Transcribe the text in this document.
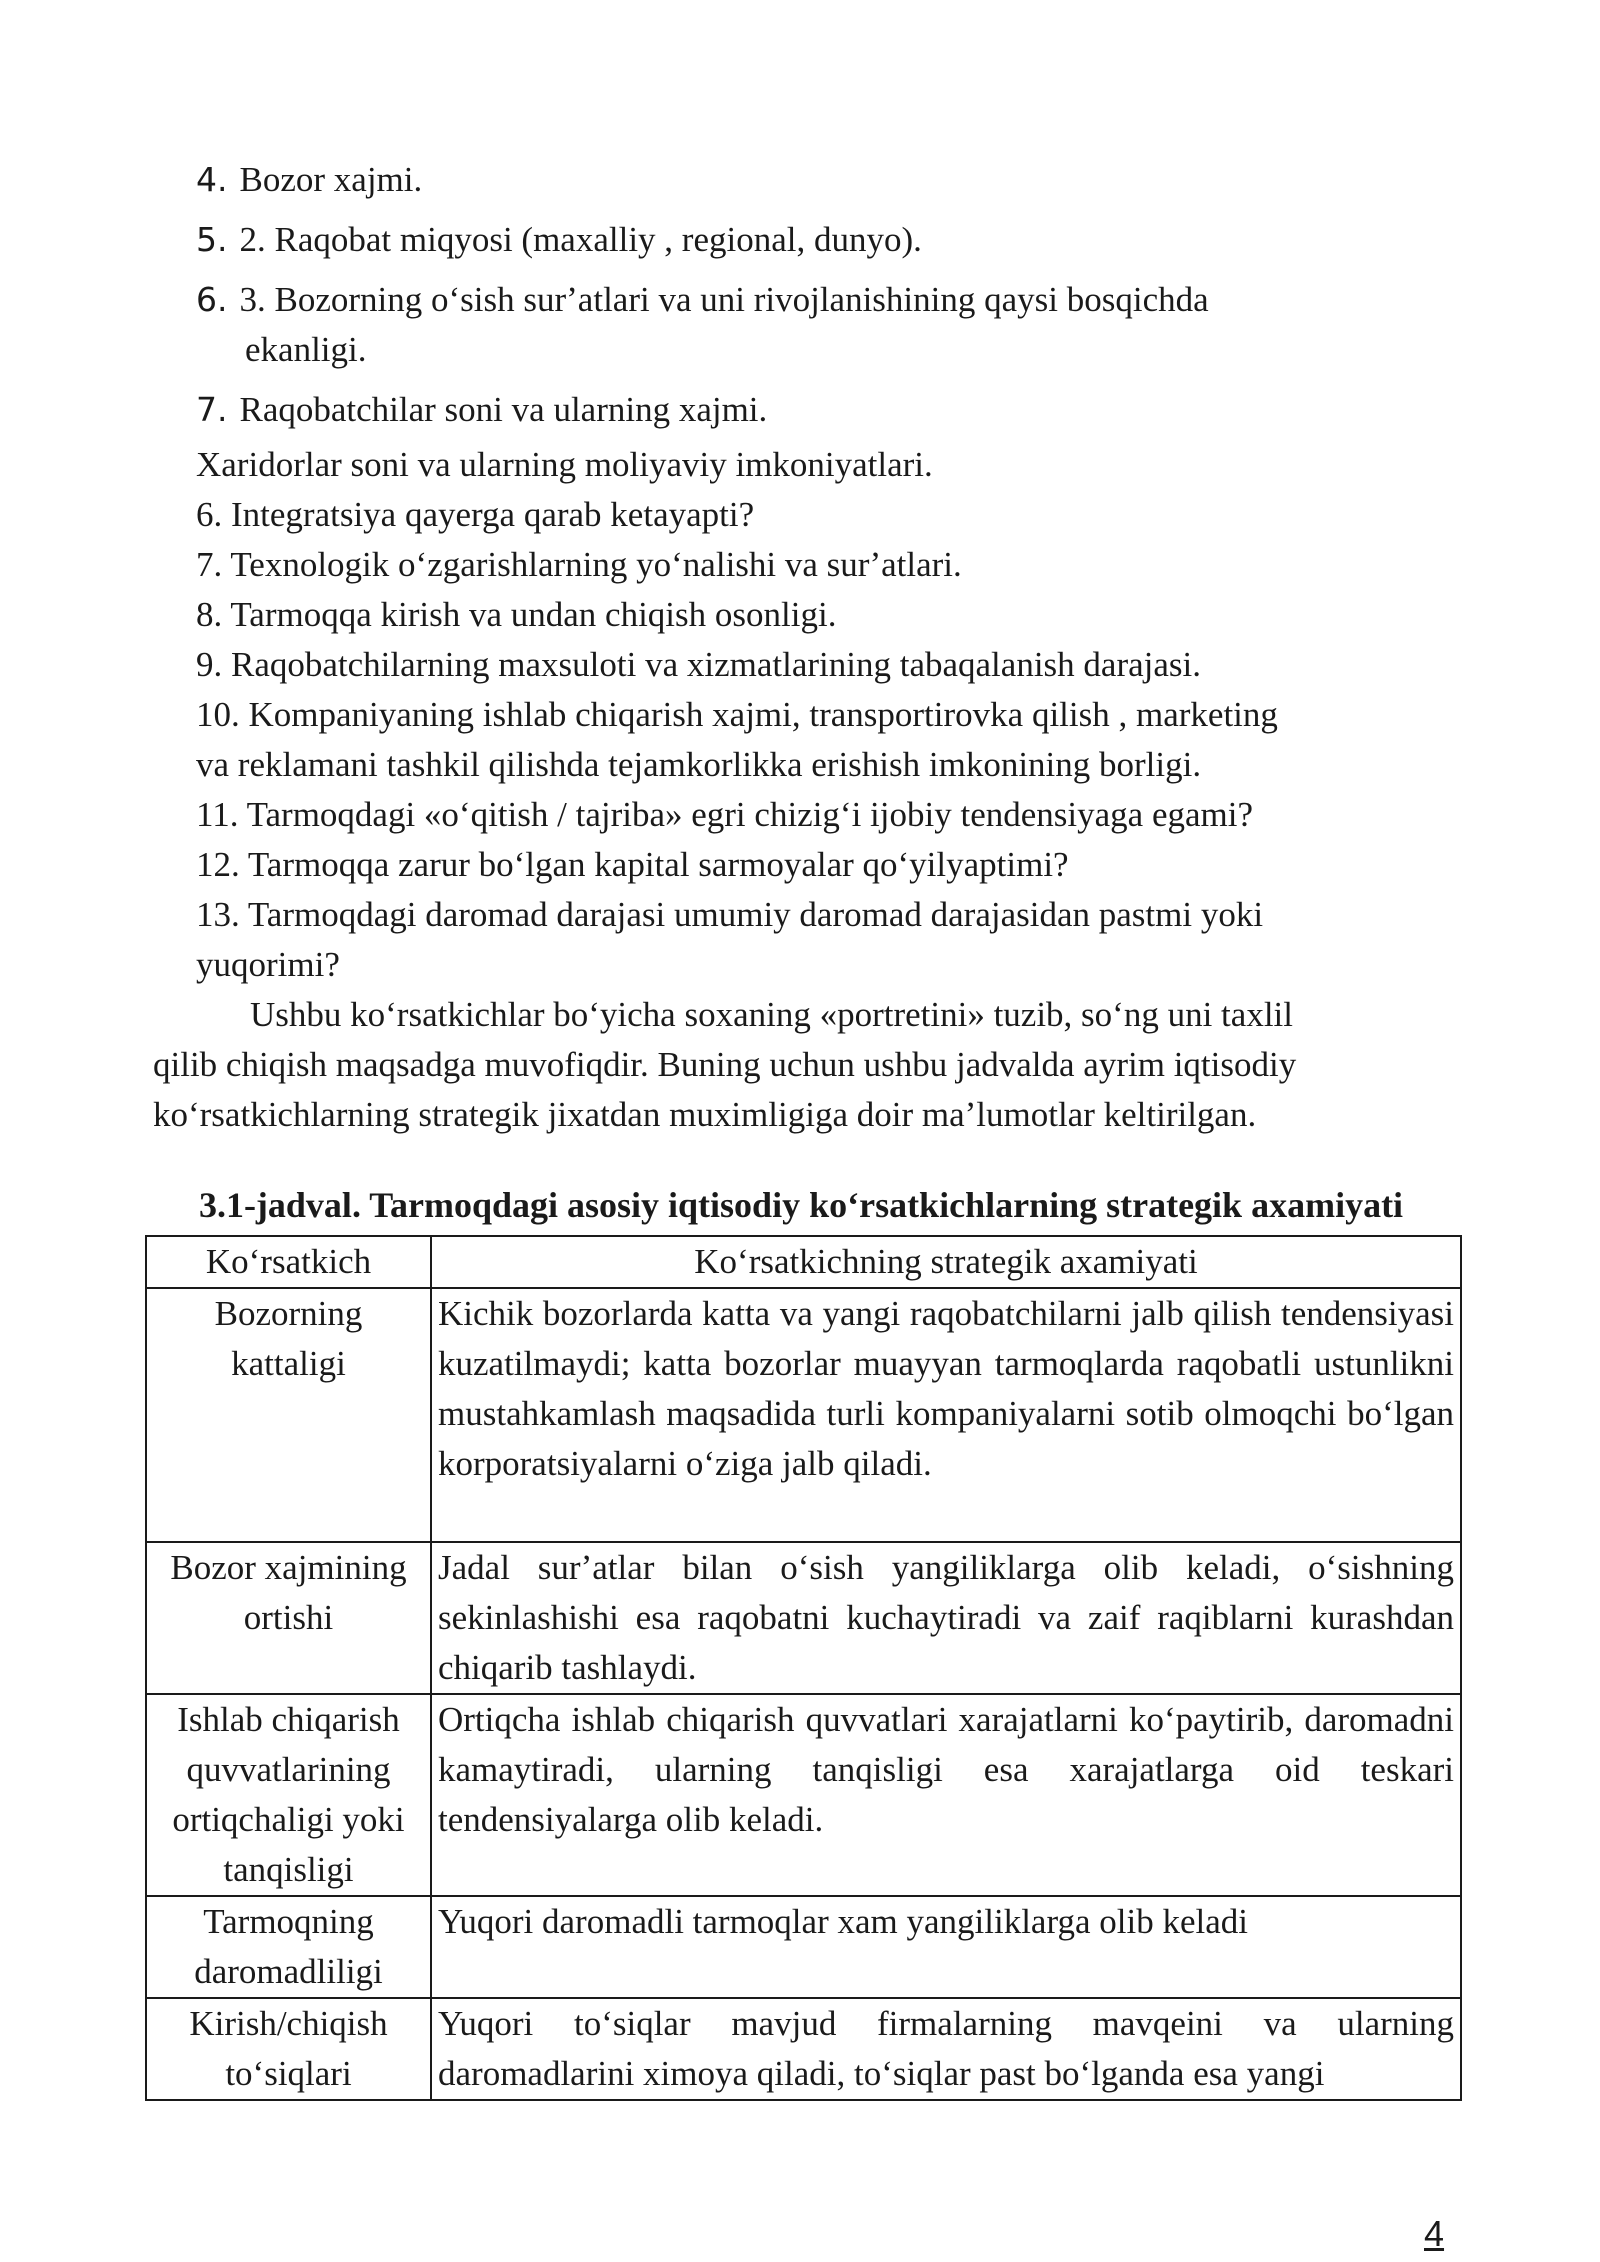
4. Bozor xajmi.
5. 2. Raqobat miqyosi (maxalliy , regional, dunyo).
6. 3. Bozorning oʻsish surʼatlari va uni rivojlanishining qaysi bosqichda
ekanligi.
7. Raqobatchilar soni va ularning xajmi.
Xaridorlar soni va ularning moliyaviy imkoniyatlari.
6. Integratsiya qayerga qarab ketayapti?
7. Texnologik oʻzgarishlarning yoʻnalishi va surʼatlari.
8. Tarmoqqa kirish va undan chiqish osonligi.
9. Raqobatchilarning maxsuloti va xizmatlarining tabaqalanish darajasi.
10. Kompaniyaning ishlab chiqarish xajmi, transportirovka qilish , marketing
va reklamani tashkil qilishda tejamkorlikka erishish imkonining borligi.
11. Tarmoqdagi «oʻqitish / tajriba» egri chizigʻi ijobiy tendensiyaga egami?
12. Tarmoqqa zarur boʻlgan kapital sarmoyalar qoʻyilyaptimi?
13. Tarmoqdagi daromad darajasi umumiy daromad darajasidan pastmi yoki
yuqorimi?
Ushbu koʻrsatkichlar boʻyicha soxaning «portretini» tuzib, soʻng uni taxlil
qilib chiqish maqsadga muvofiqdir. Buning uchun ushbu jadvalda ayrim iqtisodiy
koʻrsatkichlarning strategik jixatdan muximligiga doir maʼlumotlar keltirilgan.
3.1-jadval. Tarmoqdagi asosiy iqtisodiy koʻrsatkichlarning strategik axamiyati
Koʻrsatkich	Koʻrsatkichning strategik axamiyati
Bozorning kattaligi	Kichik bozorlarda katta va yangi raqobatchilarni jalb qilish tendensiyasi kuzatilmaydi; katta bozorlar muayyan tarmoqlarda raqobatli ustunlikni mustahkamlash maqsadida turli kompaniyalarni sotib olmoqchi boʻlgan korporatsiyalarni oʻziga jalb qiladi.
Bozor xajmining ortishi	Jadal surʼatlar bilan oʻsish yangiliklarga olib keladi, oʻsishning sekinlashishi esa raqobatni kuchaytiradi va zaif raqiblarni kurashdan chiqarib tashlaydi.
Ishlab chiqarish quvvatlarining ortiqchaligi yoki tanqisligi	Ortiqcha ishlab chiqarish quvvatlari xarajatlarni koʻpaytirib, daromadni kamaytiradi, ularning tanqisligi esa xarajatlarga oid teskari tendensiyalarga olib keladi.
Tarmoqning daromadliligi	Yuqori daromadli tarmoqlar xam yangiliklarga olib keladi
Kirish/chiqish toʻsiqlari	Yuqori toʻsiqlar mavjud firmalarning mavqeini va ularning daromadlarini ximoya qiladi, toʻsiqlar past boʻlganda esa yangi
4
